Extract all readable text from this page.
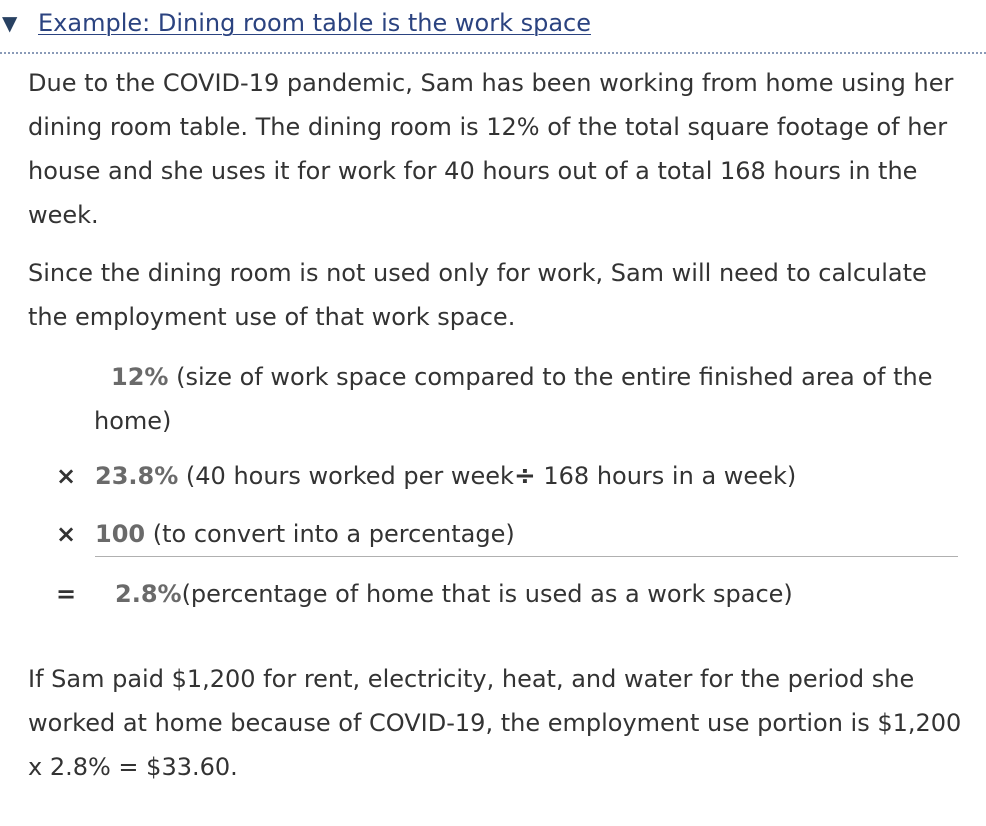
▼ Example: Dining room table is the work space

Due to the COVID-19 pandemic, Sam has been working from home using her dining room table. The dining room is 12% of the total square footage of her house and she uses it for work for 40 hours out of a total 168 hours in the week.

Since the dining room is not used only for work, Sam will need to calculate the employment use of that work space.

12% (size of work space compared to the entire finished area of the home)
× 23.8% (40 hours worked per week÷ 168 hours in a week)
× 100 (to convert into a percentage)
= 2.8%(percentage of home that is used as a work space)

If Sam paid $1,200 for rent, electricity, heat, and water for the period she worked at home because of COVID-19, the employment use portion is $1,200 x 2.8% = $33.60.
